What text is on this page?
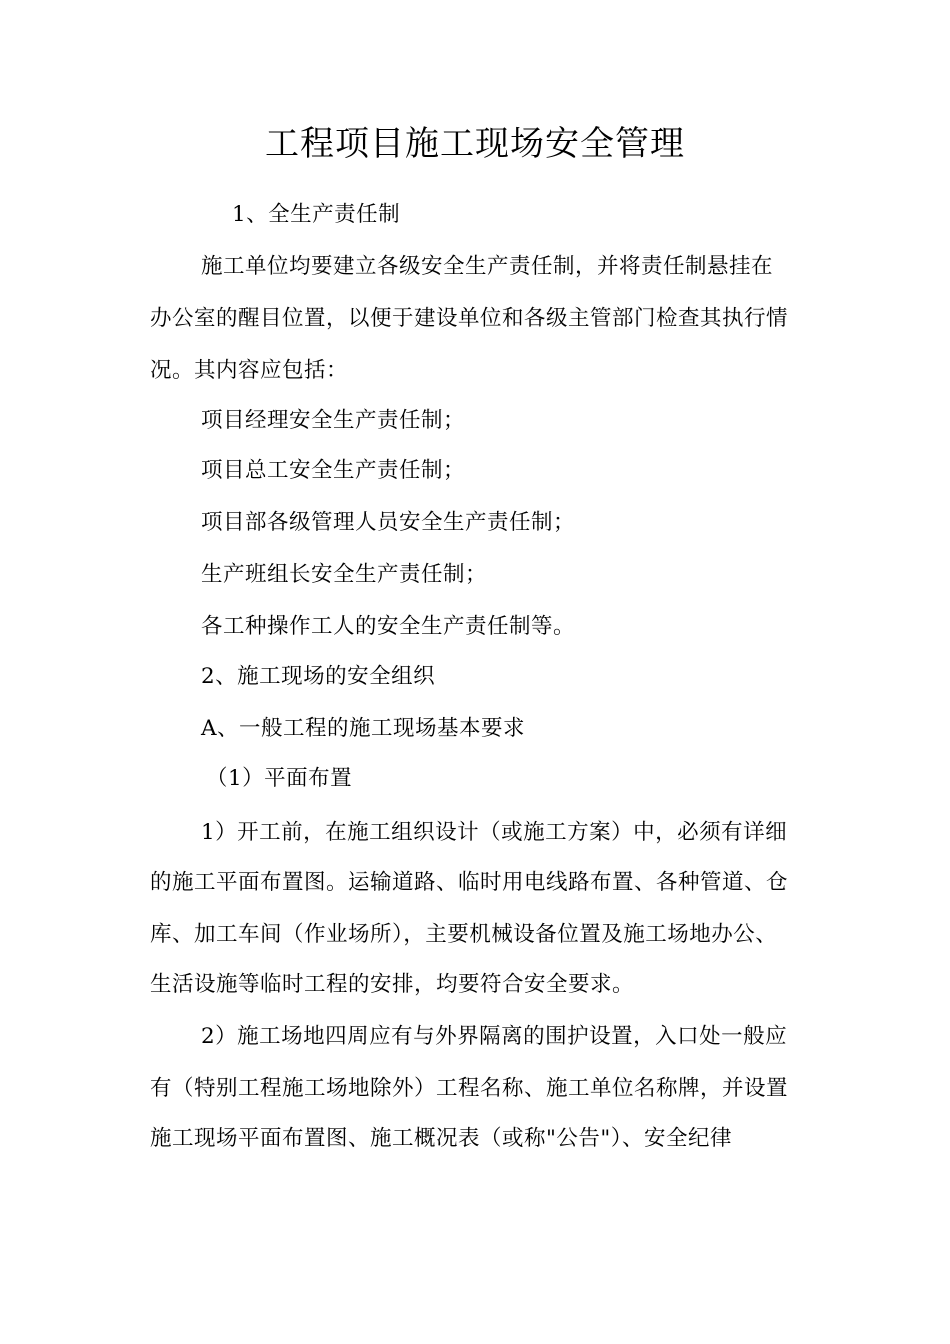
工程项目施工现场安全管理
1、全生产责任制
施工单位均要建立各级安全生产责任制，并将责任制悬挂在
办公室的醒目位置，以便于建设单位和各级主管部门检查其执行情
况。其内容应包括：
项目经理安全生产责任制；
项目总工安全生产责任制；
项目部各级管理人员安全生产责任制；
生产班组长安全生产责任制；
各工种操作工人的安全生产责任制等。
2、施工现场的安全组织
A、一般工程的施工现场基本要求
（1）平面布置
1）开工前，在施工组织设计（或施工方案）中，必须有详细
的施工平面布置图。运输道路、临时用电线路布置、各种管道、仓
库、加工车间（作业场所），主要机械设备位置及施工场地办公、
生活设施等临时工程的安排，均要符合安全要求。
2）施工场地四周应有与外界隔离的围护设置，入口处一般应
有（特别工程施工场地除外）工程名称、施工单位名称牌，并设置
施工现场平面布置图、施工概况表（或称"公告"）、安全纪律
